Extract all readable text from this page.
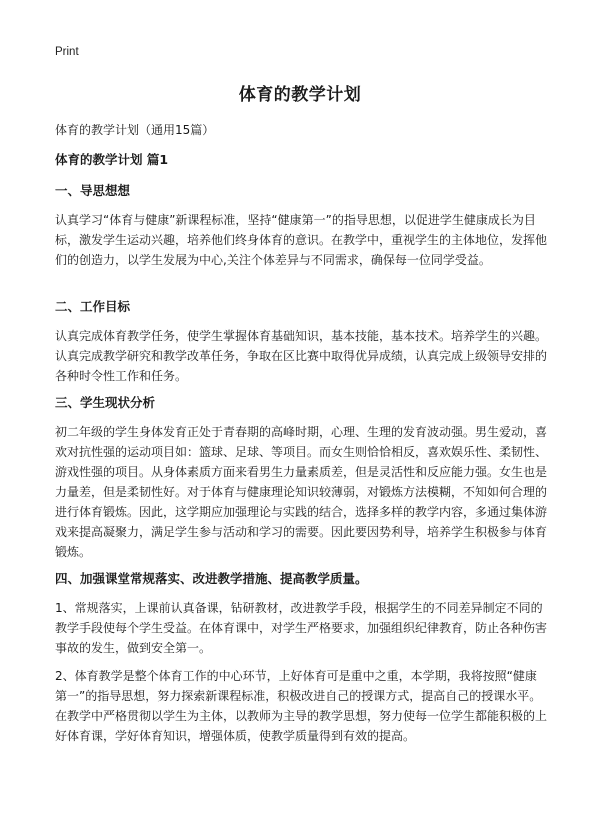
Print
体育的教学计划

体育的教学计划（通用15篇）

体育的教学计划 篇1
一、导思想想

认真学习“体育与健康”新课程标准，坚持“健康第一”的指导思想，以促进学生健康成长为目标，激发学生运动兴趣，培养他们终身体育的意识。在教学中，重视学生的主体地位，发挥他们的创造力，以学生发展为中心,关注个体差异与不同需求，确保每一位同学受益。

二、工作目标

认真完成体育教学任务，使学生掌握体育基础知识，基本技能，基本技术。培养学生的兴趣。认真完成教学研究和教学改革任务，争取在区比赛中取得优异成绩，认真完成上级领导安排的各种时令性工作和任务。

三、学生现状分析

初二年级的学生身体发育正处于青春期的高峰时期，心理、生理的发育波动强。男生爱动，喜欢对抗性强的运动项目如：篮球、足球、等项目。而女生则恰恰相反，喜欢娱乐性、柔韧性、游戏性强的项目。从身体素质方面来看男生力量素质差，但是灵活性和反应能力强。女生也是力量差，但是柔韧性好。对于体育与健康理论知识较薄弱，对锻炼方法模糊，不知如何合理的进行体育锻炼。因此，这学期应加强理论与实践的结合，选择多样的教学内容，多通过集体游戏来提高凝聚力，满足学生参与活动和学习的需要。因此要因势利导，培养学生积极参与体育锻炼。

四、加强课堂常规落实、改进教学措施、提高教学质量。

1、常规落实，上课前认真备课，钻研教材，改进教学手段，根据学生的不同差异制定不同的教学手段使每个学生受益。在体育课中，对学生严格要求，加强组织纪律教育，防止各种伤害事故的发生，做到安全第一。

2、体育教学是整个体育工作的中心环节，上好体育可是重中之重，本学期，我将按照“健康第一”的指导思想，努力探索新课程标准，积极改进自己的授课方式，提高自己的授课水平。在教学中严格贯彻以学生为主体，以教师为主导的教学思想，努力使每一位学生都能积极的上好体育课，学好体育知识，增强体质，使教学质量得到有效的提高。
